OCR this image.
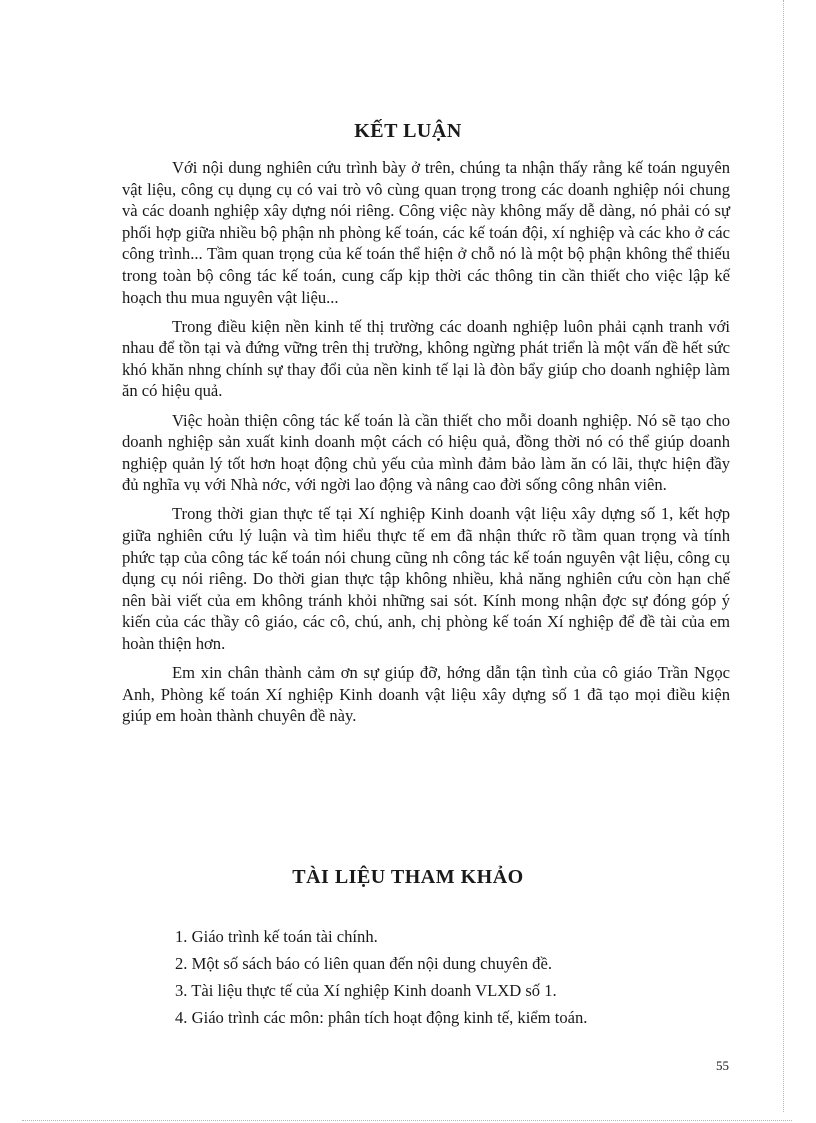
KẾT LUẬN

Với nội dung nghiên cứu trình bày ở trên, chúng ta nhận thấy rằng kế toán nguyên vật liệu, công cụ dụng cụ có vai trò vô cùng quan trọng trong các doanh nghiệp nói chung và các doanh nghiệp xây dựng nói riêng. Công việc này không mấy dễ dàng, nó phải có sự phối hợp giữa nhiều bộ phận nh phòng kế toán, các kế toán đội, xí nghiệp và các kho ở các công trình... Tầm quan trọng của kế toán thể hiện ở chỗ nó là một bộ phận không thể thiếu trong toàn bộ công tác kế toán, cung cấp kịp thời các thông tin cần thiết cho việc lập kế hoạch thu mua nguyên vật liệu...

Trong điều kiện nền kinh tế thị trường các doanh nghiệp luôn phải cạnh tranh với nhau để tồn tại và đứng vững trên thị trường, không ngừng phát triển là một vấn đề hết sức khó khăn nhng chính sự thay đổi của nền kinh tế lại là đòn bẩy giúp cho doanh nghiệp làm ăn có hiệu quả.

Việc hoàn thiện công tác kế toán là cần thiết cho mỗi doanh nghiệp. Nó sẽ tạo cho doanh nghiệp sản xuất kinh doanh một cách có hiệu quả, đồng thời nó có thể giúp doanh nghiệp quản lý tốt hơn hoạt động chủ yếu của mình đảm bảo làm ăn có lãi, thực hiện đầy đủ nghĩa vụ với Nhà nớc, với ngời lao động và nâng cao đời sống công nhân viên.

Trong thời gian thực tế tại Xí nghiệp Kinh doanh vật liệu xây dựng số 1, kết hợp giữa nghiên cứu lý luận và tìm hiểu thực tế em đã nhận thức rõ tầm quan trọng và tính phức tạp của công tác kế toán nói chung cũng nh công tác kế toán nguyên vật liệu, công cụ dụng cụ nói riêng. Do thời gian thực tập không nhiều, khả năng nghiên cứu còn hạn chế nên bài viết của em không tránh khỏi những sai sót. Kính mong nhận đợc sự đóng góp ý kiến của các thầy cô giáo, các cô, chú, anh, chị phòng kế toán Xí nghiệp để đề tài của em hoàn thiện hơn.

Em xin chân thành cảm ơn sự giúp đỡ, hớng dẫn tận tình của cô giáo Trần Ngọc Anh, Phòng kế toán Xí nghiệp Kinh doanh vật liệu xây dựng số 1 đã tạo mọi điều kiện giúp em hoàn thành chuyên đề này.

TÀI LIỆU THAM KHẢO
1. Giáo trình kế toán tài chính.
2. Một số sách báo có liên quan đến nội dung chuyên đề.
3. Tài liệu thực tế của Xí nghiệp Kinh doanh VLXD số 1.
4. Giáo trình các môn: phân tích hoạt động kinh tế, kiểm toán.
55
